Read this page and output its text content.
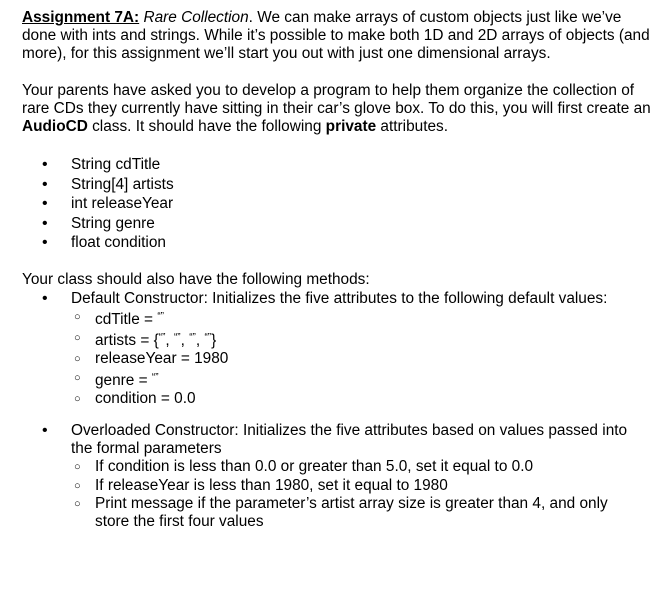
Assignment 7A: Rare Collection. We can make arrays of custom objects just like we’ve done with ints and strings. While it’s possible to make both 1D and 2D arrays of objects (and more), for this assignment we’ll start you out with just one dimensional arrays.
Your parents have asked you to develop a program to help them organize the collection of rare CDs they currently have sitting in their car’s glove box. To do this, you will first create an AudioCD class. It should have the following private attributes.
• String cdTitle
• String[4] artists
• int releaseYear
• String genre
• float condition
Your class should also have the following methods:
• Default Constructor: Initializes the five attributes to the following default values:
○ cdTitle = “”
○ artists = {“”, “”, “”, “”}
○ releaseYear = 1980
○ genre = “”
○ condition = 0.0
• Overloaded Constructor: Initializes the five attributes based on values passed into the formal parameters
○ If condition is less than 0.0 or greater than 5.0, set it equal to 0.0
○ If releaseYear is less than 1980, set it equal to 1980
○ Print message if the parameter’s artist array size is greater than 4, and only store the first four values
